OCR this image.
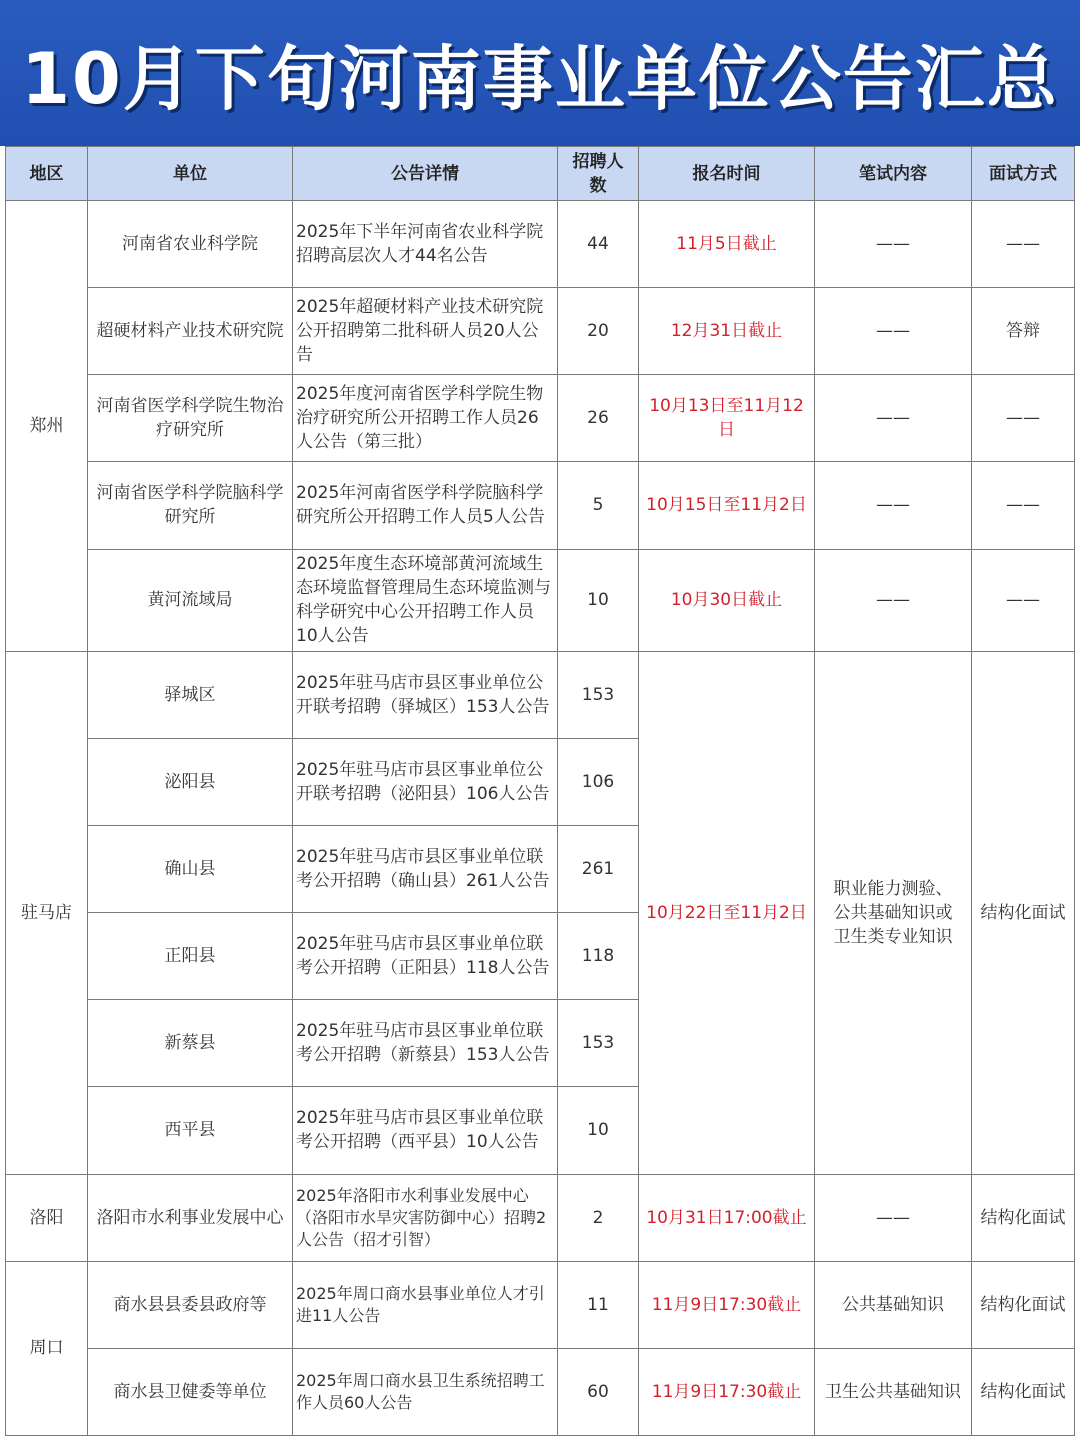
10月下旬河南事业单位公告汇总
地区	单位	公告详情	招聘人数	报名时间	笔试内容	面试方式
郑州	河南省农业科学院	2025年下半年河南省农业科学院招聘高层次人才44名公告	44	11月5日截止	——	——
	超硬材料产业技术研究院	2025年超硬材料产业技术研究院公开招聘第二批科研人员20人公告	20	12月31日截止	——	答辩
	河南省医学科学院生物治疗研究所	2025年度河南省医学科学院生物治疗研究所公开招聘工作人员26人公告（第三批）	26	10月13日至11月12日	——	——
	河南省医学科学院脑科学研究所	2025年河南省医学科学院脑科学研究所公开招聘工作人员5人公告	5	10月15日至11月2日	——	——
	黄河流域局	2025年度生态环境部黄河流域生态环境监督管理局生态环境监测与科学研究中心公开招聘工作人员10人公告	10	10月30日截止	——	——
驻马店	驿城区	2025年驻马店市县区事业单位公开联考招聘（驿城区）153人公告	153	10月22日至11月2日	职业能力测验、公共基础知识或卫生类专业知识	结构化面试
	泌阳县	2025年驻马店市县区事业单位公开联考招聘（泌阳县）106人公告	106			
	确山县	2025年驻马店市县区事业单位联考公开招聘（确山县）261人公告	261			
	正阳县	2025年驻马店市县区事业单位联考公开招聘（正阳县）118人公告	118			
	新蔡县	2025年驻马店市县区事业单位联考公开招聘（新蔡县）153人公告	153			
	西平县	2025年驻马店市县区事业单位联考公开招聘（西平县）10人公告	10			
洛阳	洛阳市水利事业发展中心	2025年洛阳市水利事业发展中心（洛阳市水旱灾害防御中心）招聘2人公告（招才引智）	2	10月31日17:00截止	——	结构化面试
周口	商水县县委县政府等	2025年周口商水县事业单位人才引进11人公告	11	11月9日17:30截止	公共基础知识	结构化面试
	商水县卫健委等单位	2025年周口商水县卫生系统招聘工作人员60人公告	60	11月9日17:30截止	卫生公共基础知识	结构化面试
